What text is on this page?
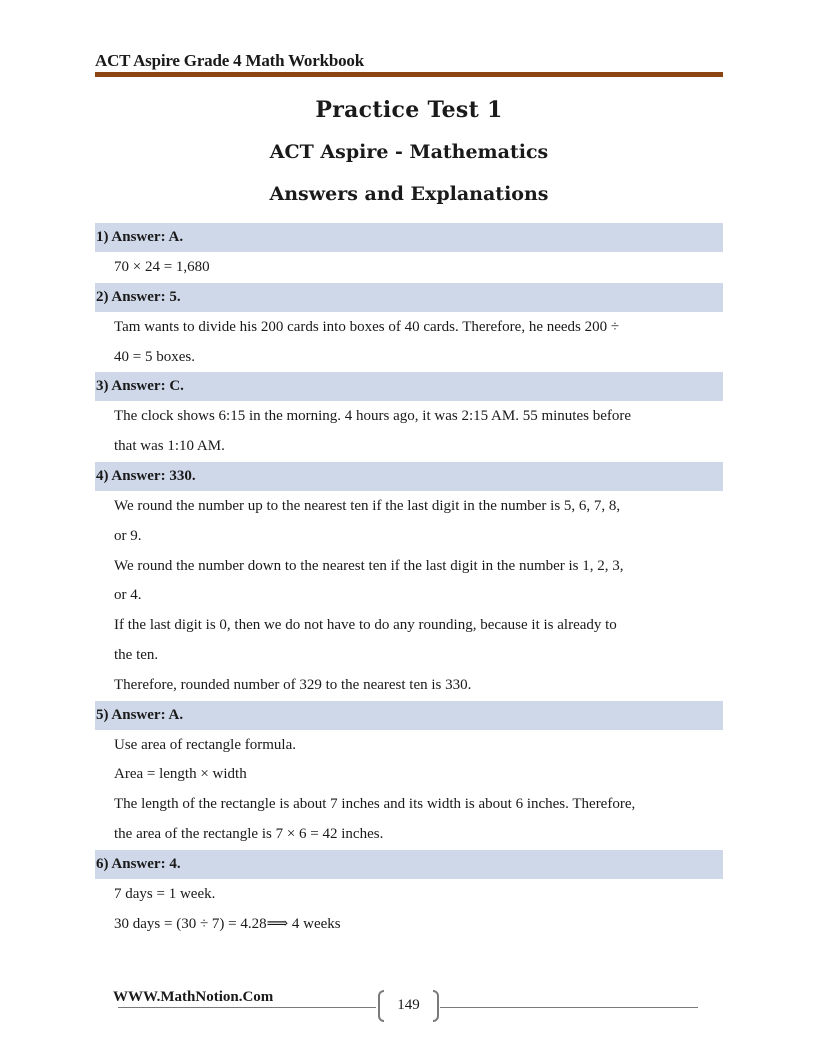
ACT Aspire Grade 4 Math Workbook
Practice Test 1
ACT Aspire - Mathematics
Answers and Explanations
1) Answer: A.
70 × 24 = 1,680
2) Answer: 5.
Tam wants to divide his 200 cards into boxes of 40 cards. Therefore, he needs 200 ÷
40 = 5 boxes.
3) Answer: C.
The clock shows 6:15 in the morning. 4 hours ago, it was 2:15 AM. 55 minutes before
that was 1:10 AM.
4) Answer: 330.
We round the number up to the nearest ten if the last digit in the number is 5, 6, 7, 8,
or 9.
We round the number down to the nearest ten if the last digit in the number is 1, 2, 3,
or 4.
If the last digit is 0, then we do not have to do any rounding, because it is already to
the ten.
Therefore, rounded number of 329 to the nearest ten is 330.
5) Answer: A.
Use area of rectangle formula.
Area = length × width
The length of the rectangle is about 7 inches and its width is about 6 inches. Therefore,
the area of the rectangle is 7 × 6 = 42 inches.
6) Answer: 4.
7 days = 1 week.
30 days = (30 ÷ 7) = 4.28⟹ 4 weeks
WWW.MathNotion.Com	149
